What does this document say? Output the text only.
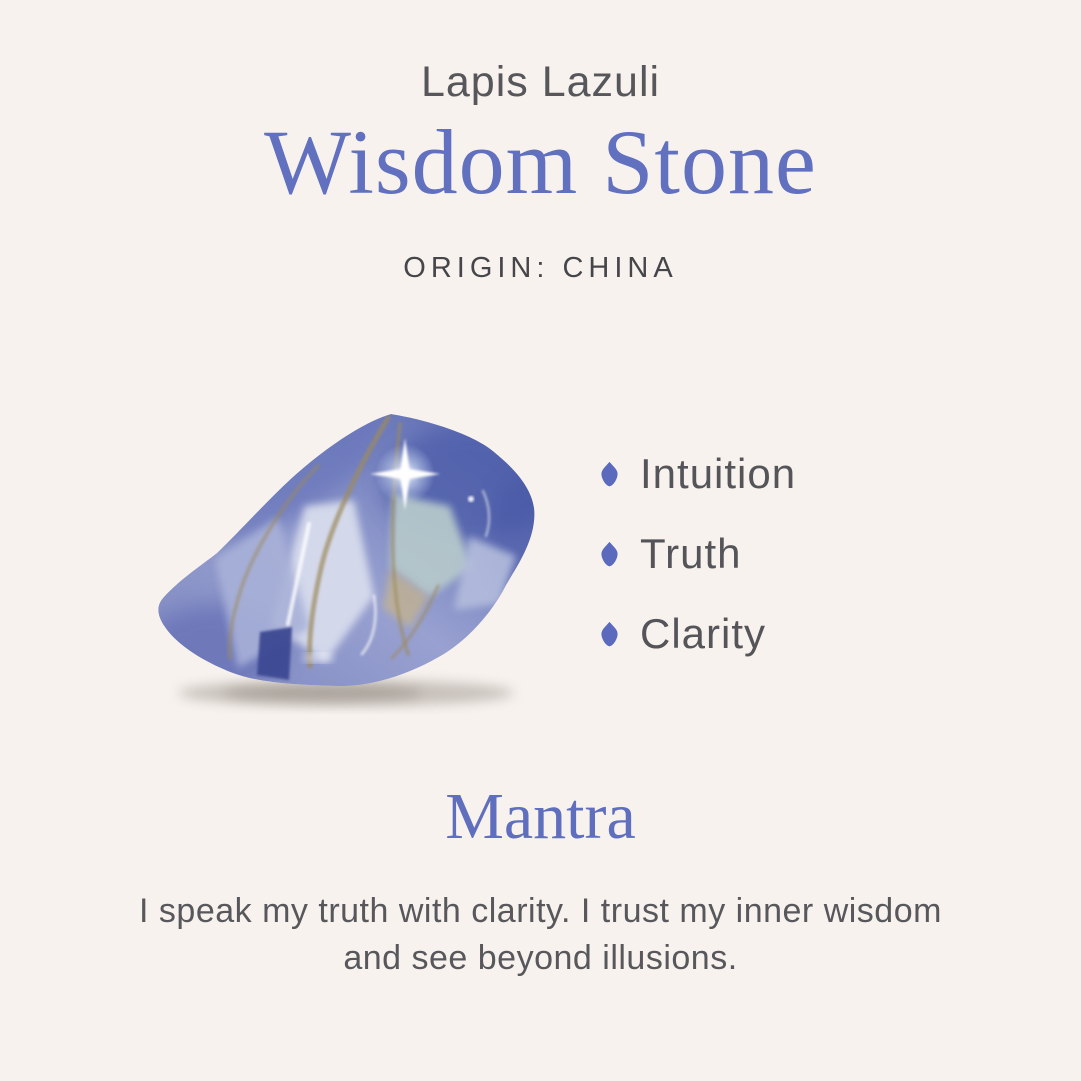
Lapis Lazuli
Wisdom Stone
ORIGIN: CHINA
Intuition
Truth
Clarity
Mantra
I speak my truth with clarity. I trust my inner wisdom
and see beyond illusions.
